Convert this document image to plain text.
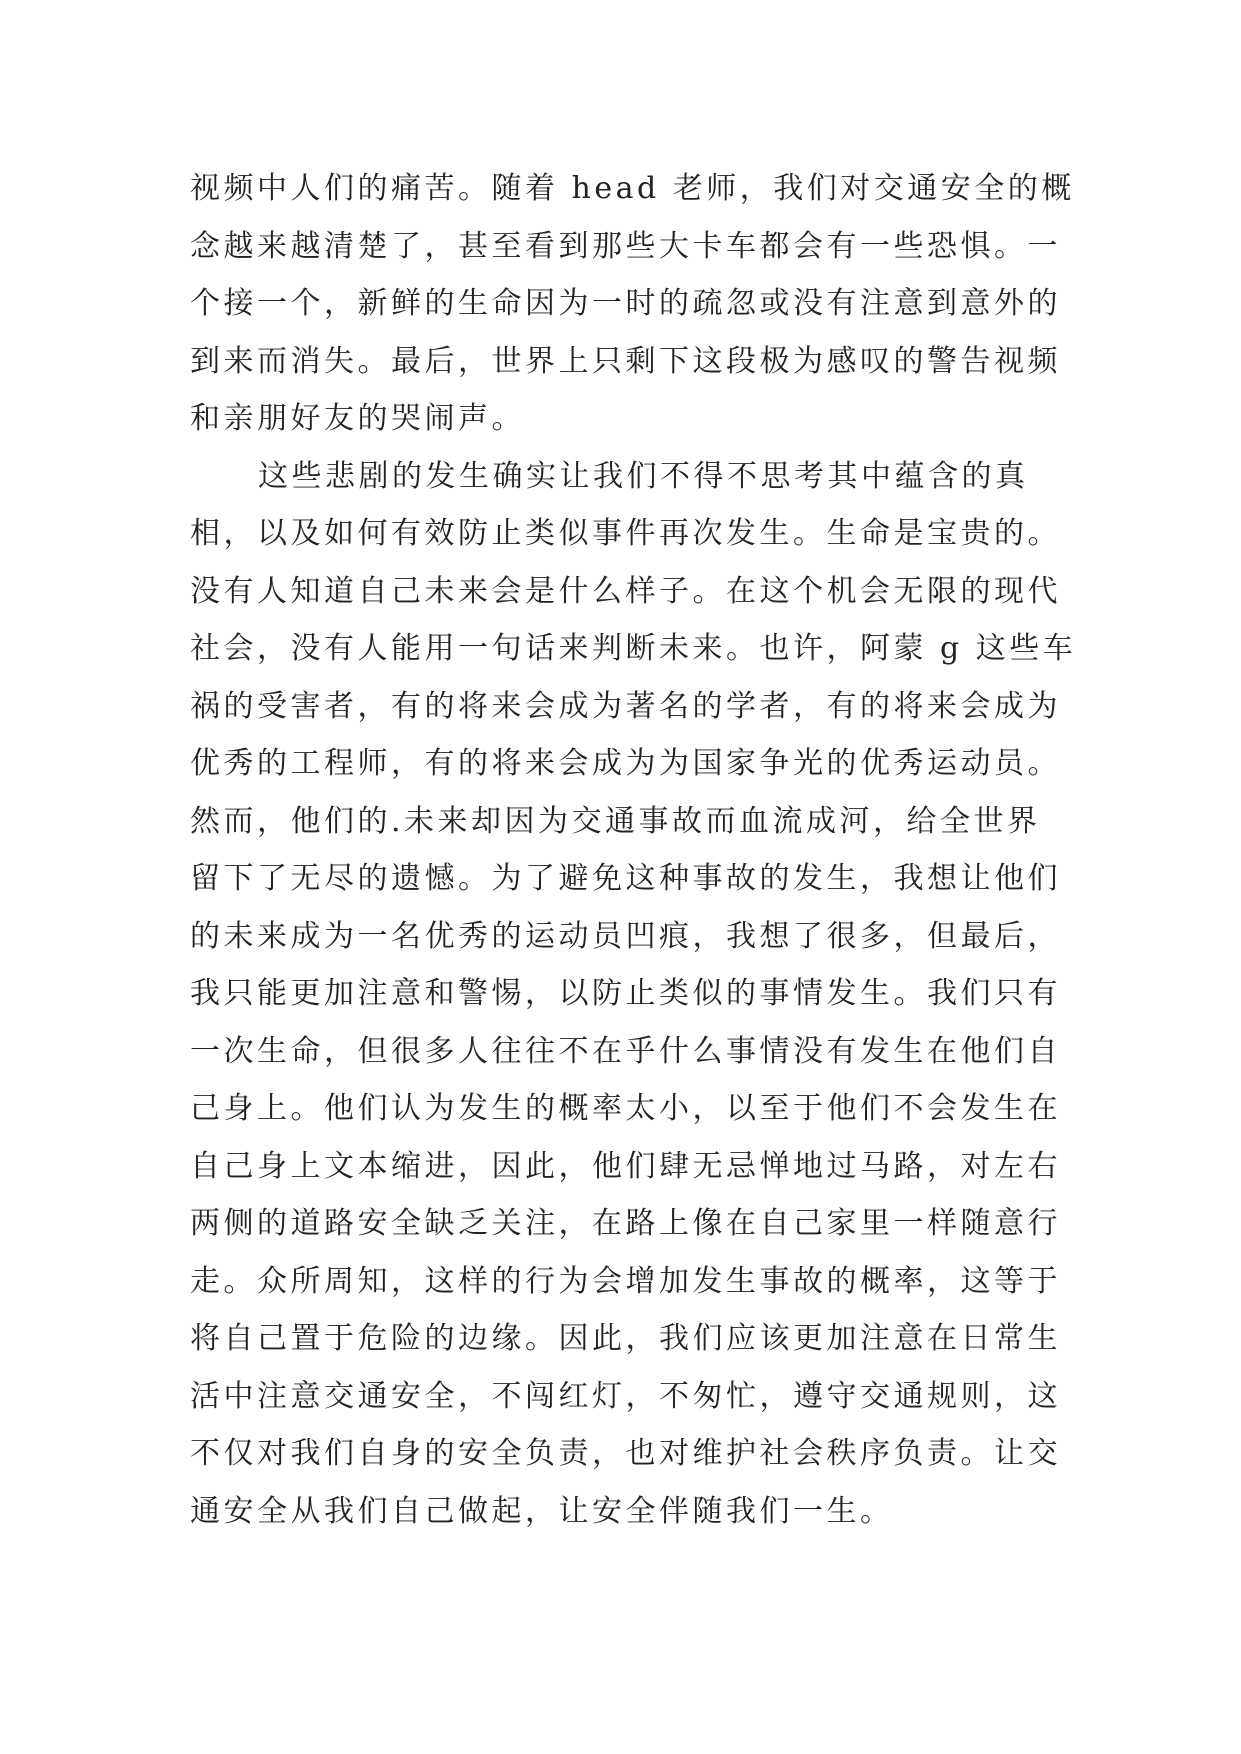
视频中人们的痛苦。随着 head 老师，我们对交通安全的概
念越来越清楚了，甚至看到那些大卡车都会有一些恐惧。一
个接一个，新鲜的生命因为一时的疏忽或没有注意到意外的
到来而消失。最后，世界上只剩下这段极为感叹的警告视频
和亲朋好友的哭闹声。
这些悲剧的发生确实让我们不得不思考其中蕴含的真
相，以及如何有效防止类似事件再次发生。生命是宝贵的。
没有人知道自己未来会是什么样子。在这个机会无限的现代
社会，没有人能用一句话来判断未来。也许，阿蒙 g 这些车
祸的受害者，有的将来会成为著名的学者，有的将来会成为
优秀的工程师，有的将来会成为为国家争光的优秀运动员。
然而，他们的.未来却因为交通事故而血流成河，给全世界
留下了无尽的遗憾。为了避免这种事故的发生，我想让他们
的未来成为一名优秀的运动员凹痕，我想了很多，但最后，
我只能更加注意和警惕，以防止类似的事情发生。我们只有
一次生命，但很多人往往不在乎什么事情没有发生在他们自
己身上。他们认为发生的概率太小，以至于他们不会发生在
自己身上文本缩进，因此，他们肆无忌惮地过马路，对左右
两侧的道路安全缺乏关注，在路上像在自己家里一样随意行
走。众所周知，这样的行为会增加发生事故的概率，这等于
将自己置于危险的边缘。因此，我们应该更加注意在日常生
活中注意交通安全，不闯红灯，不匆忙，遵守交通规则，这
不仅对我们自身的安全负责，也对维护社会秩序负责。让交
通安全从我们自己做起，让安全伴随我们一生。
